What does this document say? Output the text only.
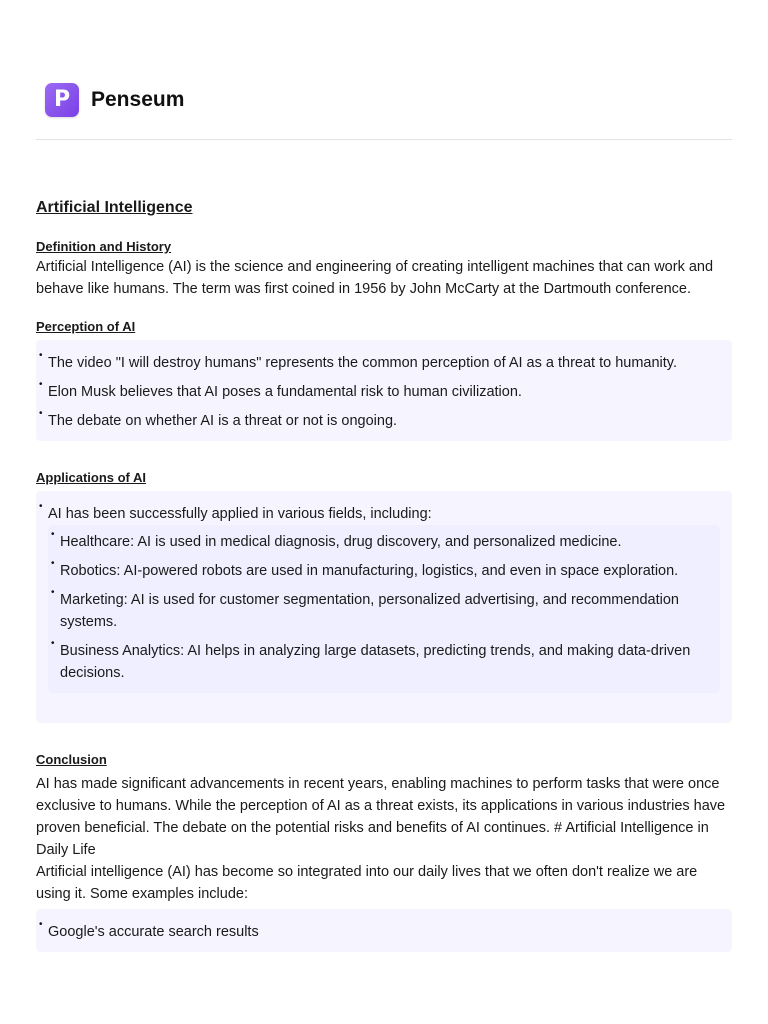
P Penseum
Artificial Intelligence
Definition and History

Artificial Intelligence (AI) is the science and engineering of creating intelligent machines that can work and behave like humans. The term was first coined in 1956 by John McCarty at the Dartmouth conference.

Perception of AI
• The video "I will destroy humans" represents the common perception of AI as a threat to humanity.
• Elon Musk believes that AI poses a fundamental risk to human civilization.
• The debate on whether AI is a threat or not is ongoing.
Applications of AI
• AI has been successfully applied in various fields, including:
• Healthcare: AI is used in medical diagnosis, drug discovery, and personalized medicine.
• Robotics: AI-powered robots are used in manufacturing, logistics, and even in space exploration.
• Marketing: AI is used for customer segmentation, personalized advertising, and recommendation systems.
• Business Analytics: AI helps in analyzing large datasets, predicting trends, and making data-driven decisions.
Conclusion

AI has made significant advancements in recent years, enabling machines to perform tasks that were once exclusive to humans. While the perception of AI as a threat exists, its applications in various industries have proven beneficial. The debate on the potential risks and benefits of AI continues. # Artificial Intelligence in Daily Life

Artificial intelligence (AI) has become so integrated into our daily lives that we often don't realize we are using it. Some examples include:

• Google's accurate search results
